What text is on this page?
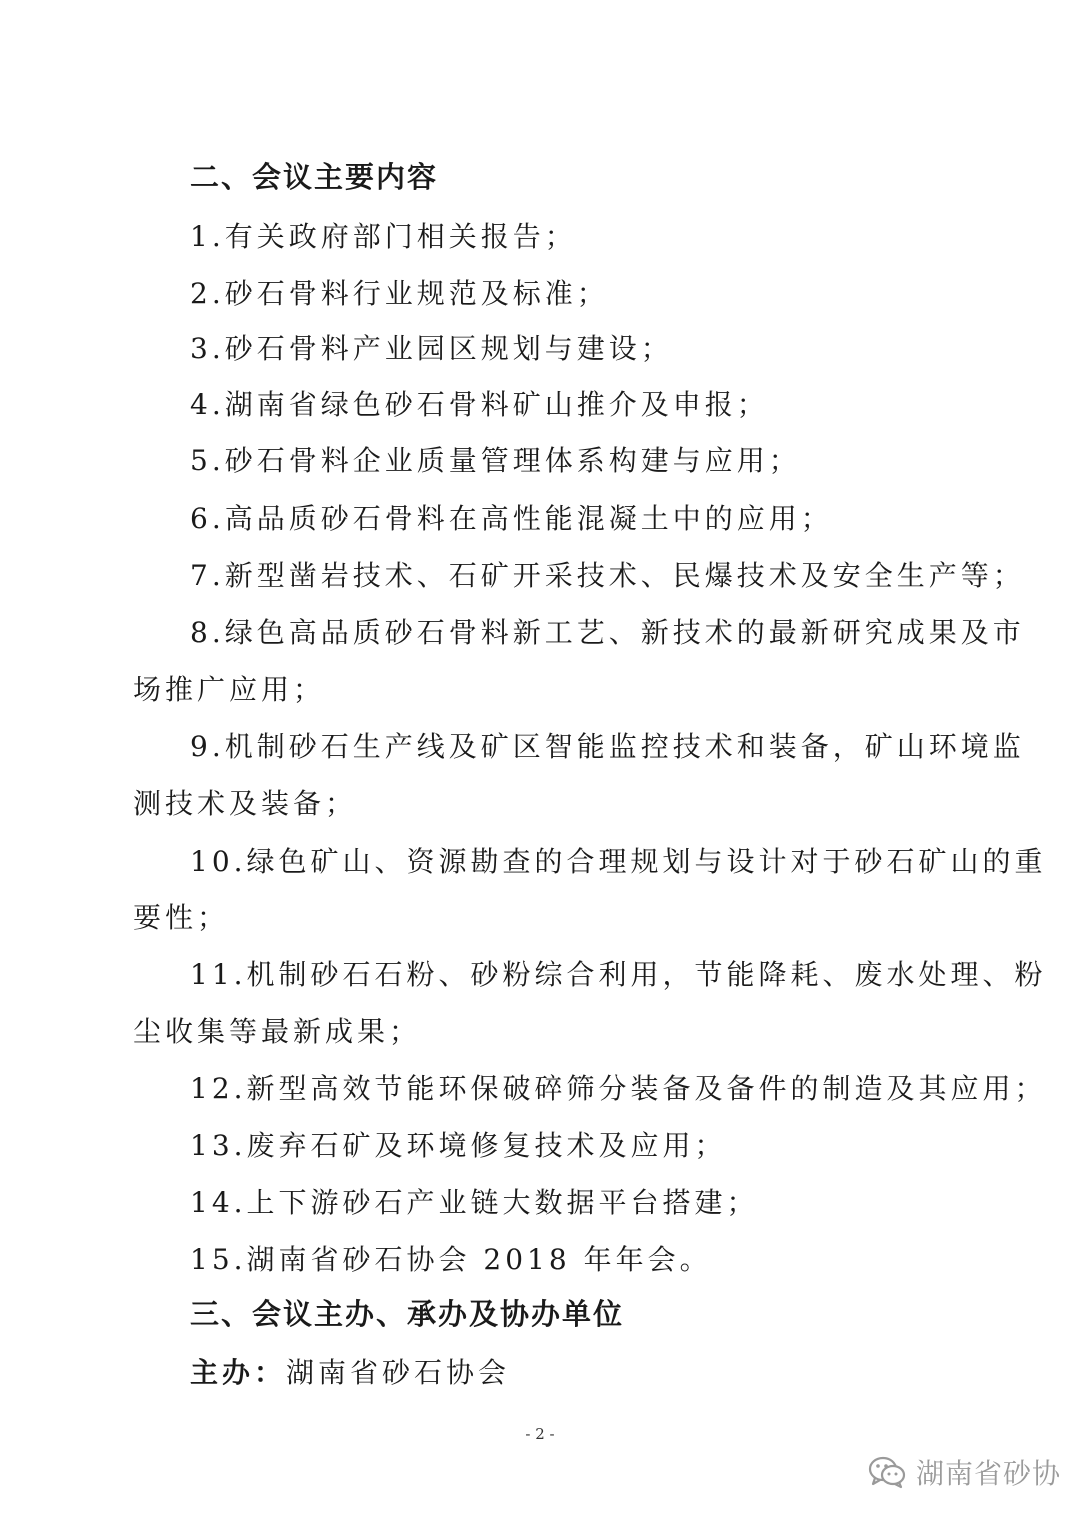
二、会议主要内容
1.有关政府部门相关报告；
2.砂石骨料行业规范及标准；
3.砂石骨料产业园区规划与建设；
4.湖南省绿色砂石骨料矿山推介及申报；
5.砂石骨料企业质量管理体系构建与应用；
6.高品质砂石骨料在高性能混凝土中的应用；
7.新型凿岩技术、石矿开采技术、民爆技术及安全生产等；
8.绿色高品质砂石骨料新工艺、新技术的最新研究成果及市
场推广应用；
9.机制砂石生产线及矿区智能监控技术和装备，矿山环境监
测技术及装备；
10.绿色矿山、资源勘查的合理规划与设计对于砂石矿山的重
要性；
11.机制砂石石粉、砂粉综合利用，节能降耗、废水处理、粉
尘收集等最新成果；
12.新型高效节能环保破碎筛分装备及备件的制造及其应用；
13.废弃石矿及环境修复技术及应用；
14.上下游砂石产业链大数据平台搭建；
15.湖南省砂石协会 2018 年年会。
三、会议主办、承办及协办单位
主办：湖南省砂石协会
- 2 -
湖南省砂协
